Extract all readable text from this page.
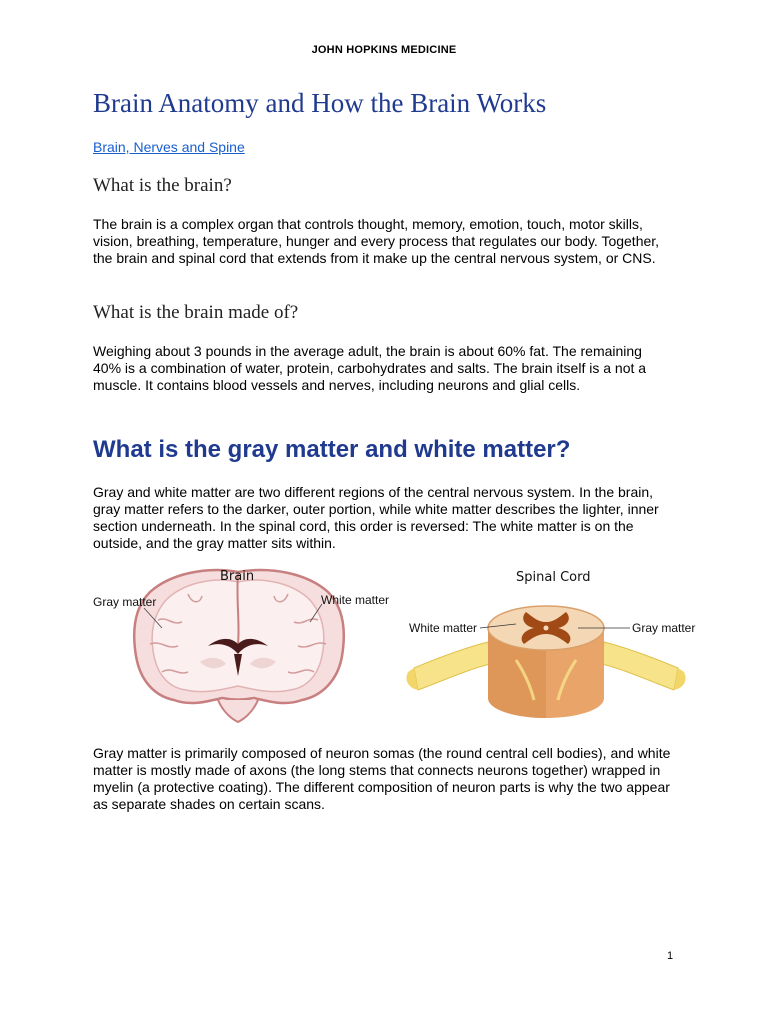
JOHN HOPKINS MEDICINE
Brain Anatomy and How the Brain Works
Brain, Nerves and Spine
What is the brain?

The brain is a complex organ that controls thought, memory, emotion, touch, motor skills, vision, breathing, temperature, hunger and every process that regulates our body. Together, the brain and spinal cord that extends from it make up the central nervous system, or CNS.

What is the brain made of?

Weighing about 3 pounds in the average adult, the brain is about 60% fat. The remaining 40% is a combination of water, protein, carbohydrates and salts. The brain itself is a not a muscle. It contains blood vessels and nerves, including neurons and glial cells.

What is the gray matter and white matter?

Gray and white matter are two different regions of the central nervous system. In the brain, gray matter refers to the darker, outer portion, while white matter describes the lighter, inner section underneath. In the spinal cord, this order is reversed: The white matter is on the outside, and the gray matter sits within.

Brain
Gray matter	White matter
Spinal Cord
White matter	Gray matter

Gray matter is primarily composed of neuron somas (the round central cell bodies), and white matter is mostly made of axons (the long stems that connects neurons together) wrapped in myelin (a protective coating). The different composition of neuron parts is why the two appear as separate shades on certain scans.

1
